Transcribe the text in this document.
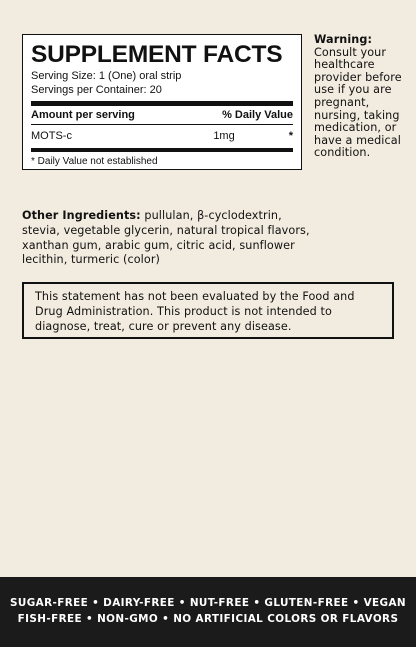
SUPPLEMENT FACTS
Serving Size: 1 (One) oral strip
Servings per Container: 20
Amount per serving	% Daily Value
MOTS-c	1mg	*
* Daily Value not established
Warning:
Consult your healthcare provider before use if you are pregnant, nursing, taking medication, or have a medical condition.
Other Ingredients: pullulan, β-cyclodextrin, stevia, vegetable glycerin, natural tropical flavors, xanthan gum, arabic gum, citric acid, sunflower lecithin, turmeric (color)
This statement has not been evaluated by the Food and Drug Administration. This product is not intended to diagnose, treat, cure or prevent any disease.
SUGAR-FREE • DAIRY-FREE • NUT-FREE • GLUTEN-FREE • VEGAN
FISH-FREE • NON-GMO • NO ARTIFICIAL COLORS OR FLAVORS
